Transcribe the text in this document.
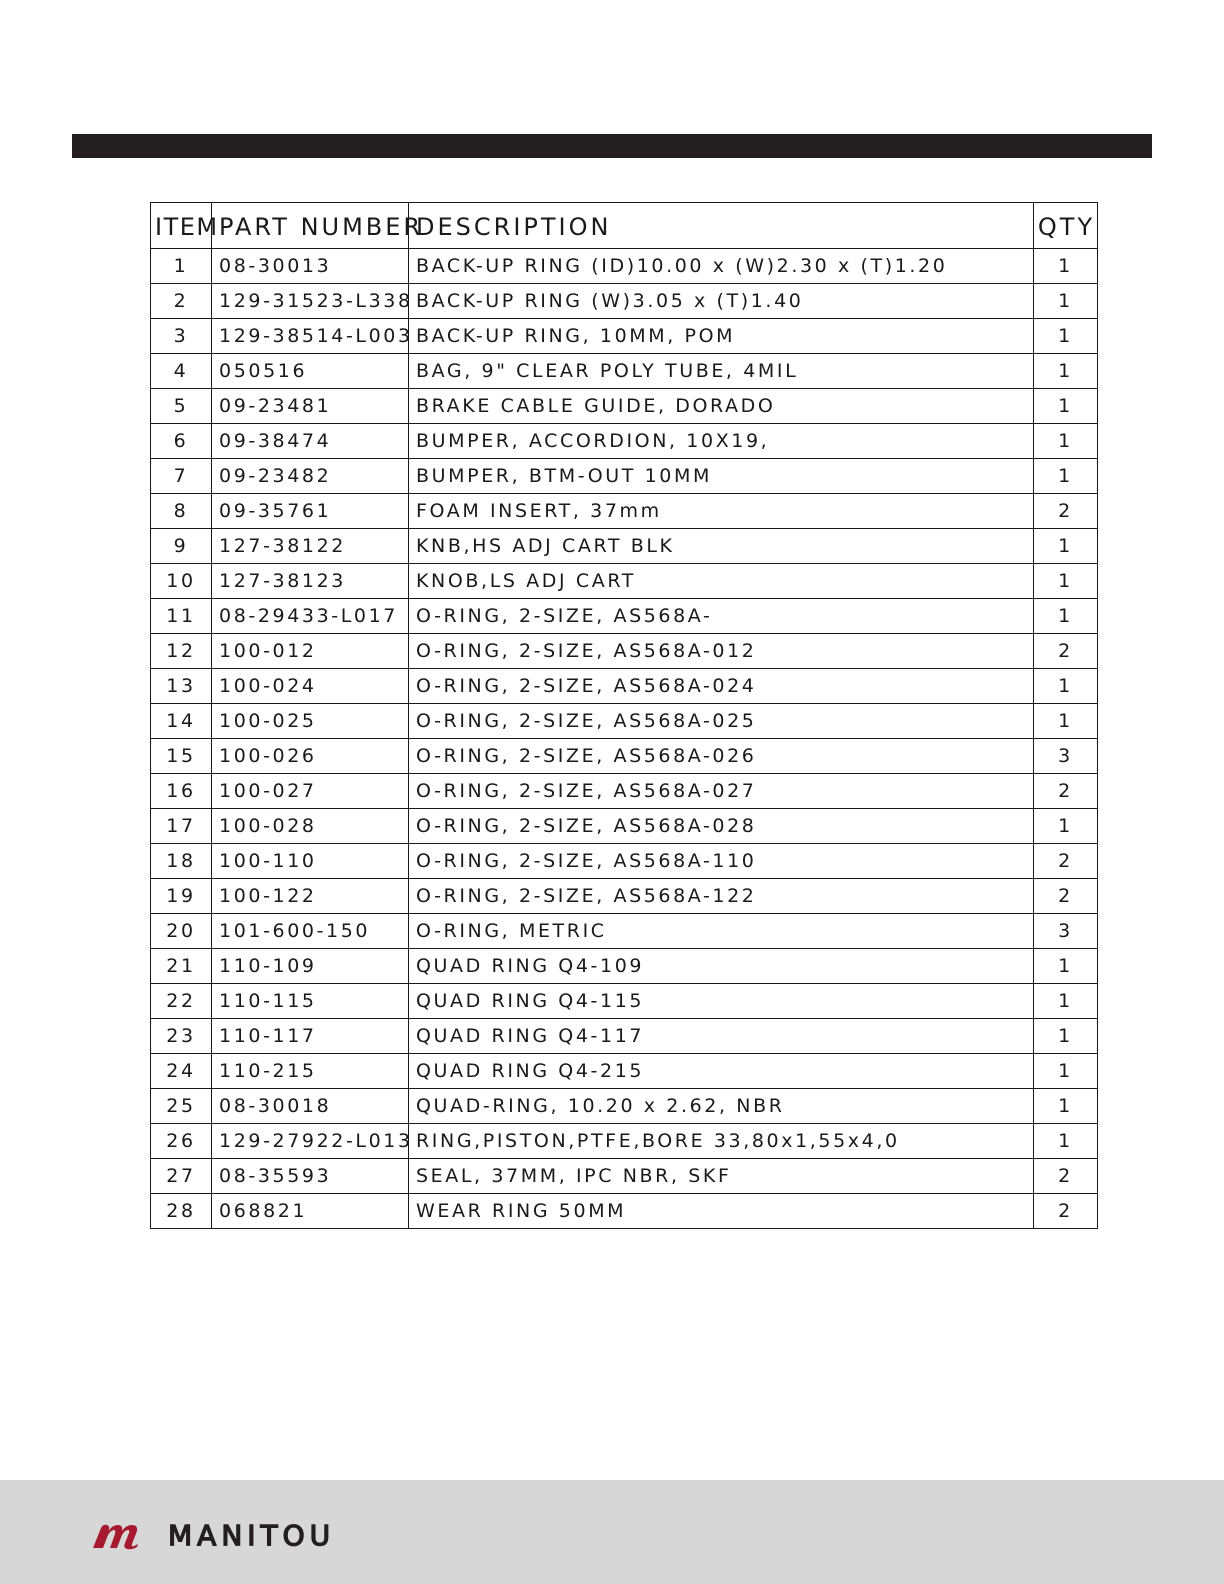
ITEM	PART NUMBER	DESCRIPTION	QTY
1	08-30013	BACK-UP RING (ID)10.00 x (W)2.30 x (T)1.20	1
2	129-31523-L338	BACK-UP RING (W)3.05 x (T)1.40	1
3	129-38514-L003	BACK-UP RING, 10MM, POM	1
4	050516	BAG, 9" CLEAR POLY TUBE, 4MIL	1
5	09-23481	BRAKE CABLE GUIDE, DORADO	1
6	09-38474	BUMPER, ACCORDION, 10X19,	1
7	09-23482	BUMPER, BTM-OUT 10MM	1
8	09-35761	FOAM INSERT, 37mm	2
9	127-38122	KNB,HS ADJ CART BLK	1
10	127-38123	KNOB,LS ADJ CART	1
11	08-29433-L017	O-RING, 2-SIZE, AS568A-	1
12	100-012	O-RING, 2-SIZE, AS568A-012	2
13	100-024	O-RING, 2-SIZE, AS568A-024	1
14	100-025	O-RING, 2-SIZE, AS568A-025	1
15	100-026	O-RING, 2-SIZE, AS568A-026	3
16	100-027	O-RING, 2-SIZE, AS568A-027	2
17	100-028	O-RING, 2-SIZE, AS568A-028	1
18	100-110	O-RING, 2-SIZE, AS568A-110	2
19	100-122	O-RING, 2-SIZE, AS568A-122	2
20	101-600-150	O-RING, METRIC	3
21	110-109	QUAD RING Q4-109	1
22	110-115	QUAD RING Q4-115	1
23	110-117	QUAD RING Q4-117	1
24	110-215	QUAD RING Q4-215	1
25	08-30018	QUAD-RING, 10.20 x 2.62, NBR	1
26	129-27922-L013	RING,PISTON,PTFE,BORE 33,80x1,55x4,0	1
27	08-35593	SEAL, 37MM, IPC NBR, SKF	2
28	068821	WEAR RING 50MM	2
MANITOU
